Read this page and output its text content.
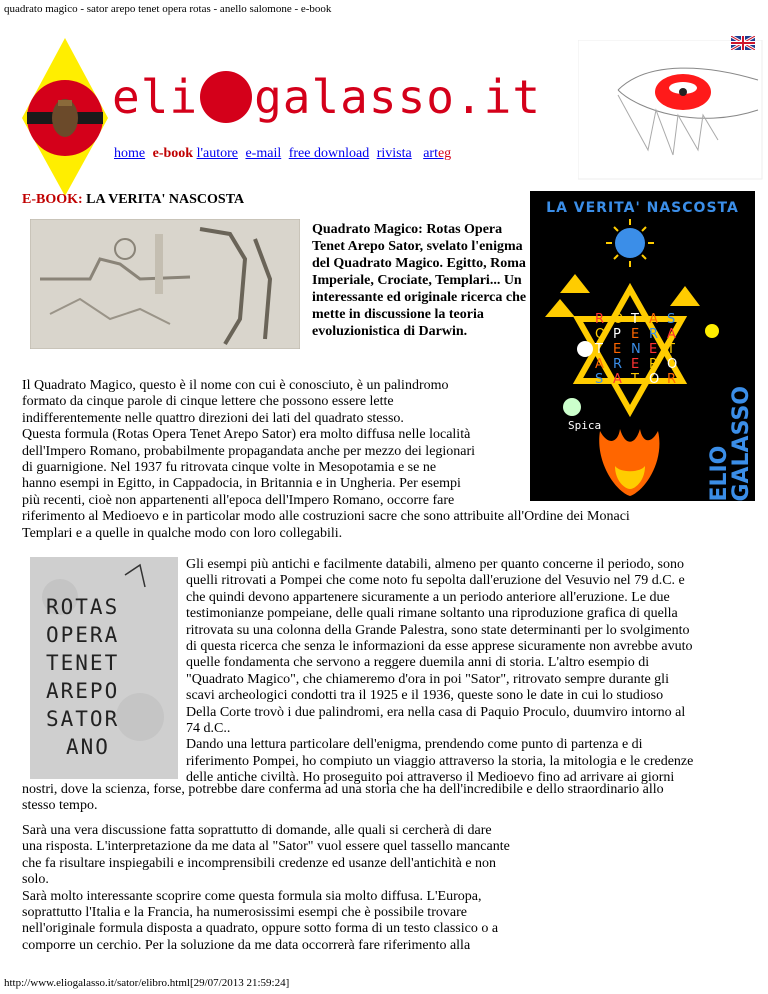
quadrato magico - sator arepo tenet opera rotas - anello salomone - e-book
eli galasso.it
home e-book l'autore e-mail free download rivista arteg
E-BOOK: LA VERITA' NASCOSTA
Quadrato Magico: Rotas Opera Tenet Arepo Sator, svelato l'enigma del Quadrato Magico. Egitto, Roma Imperiale, Crociate, Templari... Un interessante ed originale ricerca che mette in discussione la teoria evoluzionistica di Darwin.
LA VERITA' NASCOSTA
Spica
R O T A S
O P E R A
T E N E T
A R E P O
S A T O R
ELIO GALASSO
Il Quadrato Magico, questo è il nome con cui è conosciuto, è un palindromo
formato da cinque parole di cinque lettere che possono essere lette
indifferentemente nelle quattro direzioni dei lati del quadrato stesso.
Questa formula (Rotas Opera Tenet Arepo Sator) era molto diffusa nelle località
dell'Impero Romano, probabilmente propagandata anche per mezzo dei legionari
di guarnigione. Nel 1937 fu ritrovata cinque volte in Mesopotamia e se ne
hanno esempi in Egitto, in Cappadocia, in Britannia e in Ungheria. Per esempi
più recenti, cioè non appartenenti all'epoca dell'Impero Romano, occorre fare
riferimento al Medioevo e in particolar modo alle costruzioni sacre che sono attribuite all'Ordine dei Monaci
Templari e a quelle in qualche modo con loro collegabili.
ROTAS
OPERA
TENET
AREPO
SATOR
ANO
Gli esempi più antichi e facilmente databili, almeno per quanto concerne il periodo, sono
quelli ritrovati a Pompei che come noto fu sepolta dall'eruzione del Vesuvio nel 79 d.C. e
che quindi devono appartenere sicuramente a un periodo anteriore all'eruzione. Le due
testimonianze pompeiane, delle quali rimane soltanto una riproduzione grafica di quella
ritrovata su una colonna della Grande Palestra, sono state determinanti per lo svolgimento
di questa ricerca che senza le informazioni da esse apprese sicuramente non avrebbe avuto
quelle fondamenta che servono a reggere duemila anni di storia. L'altro esempio di
"Quadrato Magico", che chiameremo d'ora in poi "Sator", ritrovato sempre durante gli
scavi archeologici condotti tra il 1925 e il 1936, queste sono le date in cui lo studioso
Della Corte trovò i due palindromi, era nella casa di Paquio Proculo, duumviro intorno al
74 d.C..
Dando una lettura particolare dell'enigma, prendendo come punto di partenza e di
riferimento Pompei, ho compiuto un viaggio attraverso la storia, la mitologia e le credenze
delle antiche civiltà. Ho proseguito poi attraverso il Medioevo fino ad arrivare ai giorni
nostri, dove la scienza, forse, potrebbe dare conferma ad una storia che ha dell'incredibile e dello straordinario allo
stesso tempo.
Sarà una vera discussione fatta soprattutto di domande, alle quali si cercherà di dare
una risposta. L'interpretazione da me data al "Sator" vuol essere quel tassello mancante
che fa risultare inspiegabili e incomprensibili credenze ed usanze dell'antichità e non
solo.
Sarà molto interessante scoprire come questa formula sia molto diffusa. L'Europa,
soprattutto l'Italia e la Francia, ha numerosissimi esempi che è possibile trovare
nell'originale formula disposta a quadrato, oppure sotto forma di un testo classico o a
comporre un cerchio. Per la soluzione da me data occorrerà fare riferimento alla
http://www.eliogalasso.it/sator/elibro.html[29/07/2013 21:59:24]
